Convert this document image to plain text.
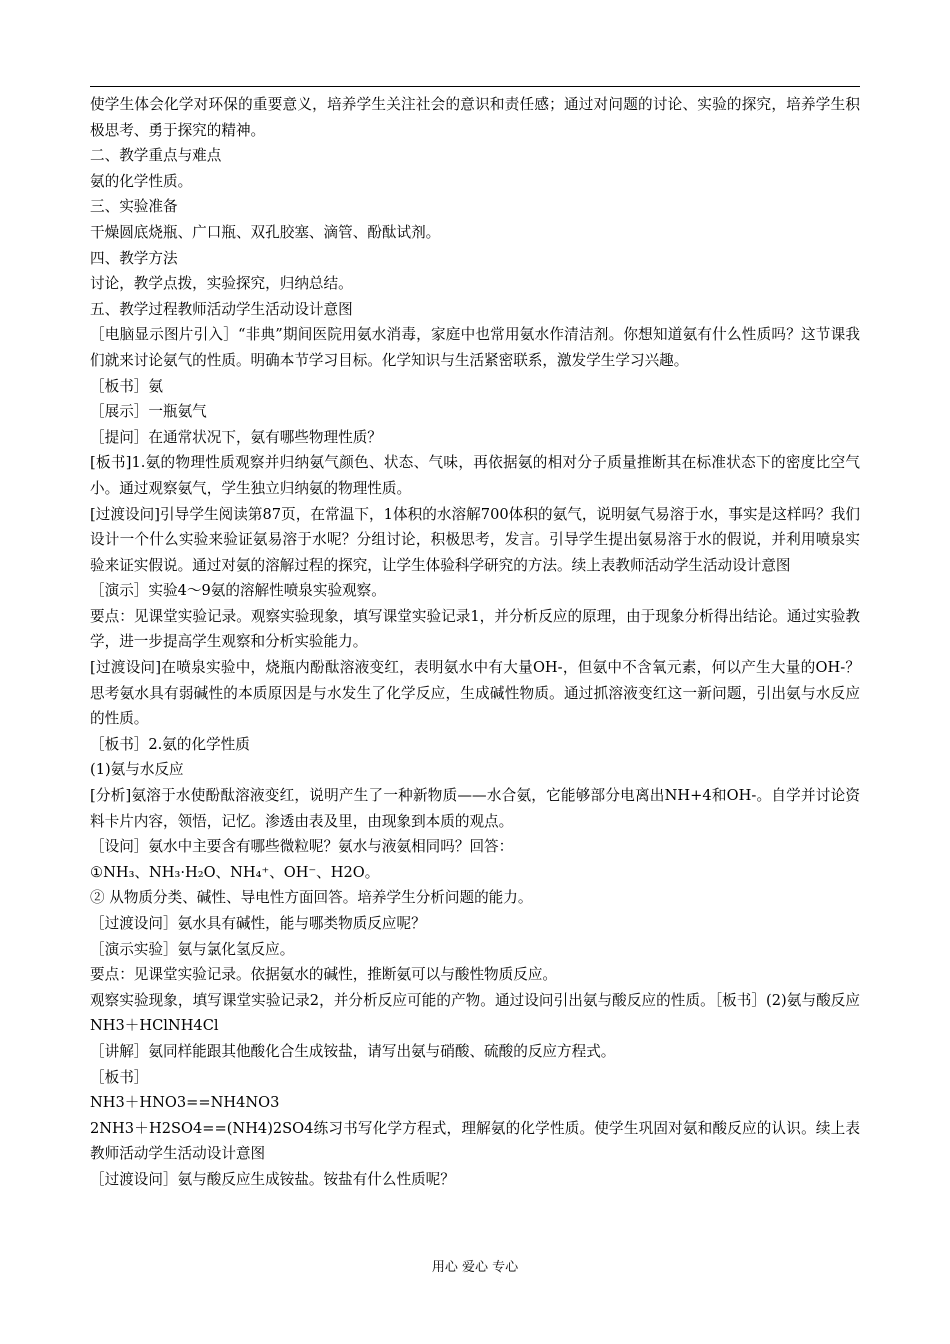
使学生体会化学对环保的重要意义，培养学生关注社会的意识和责任感；通过对问题的讨论、实验的探究，培养学生积极思考、勇于探究的精神。

二、教学重点与难点

氨的化学性质。

三、实验准备

干燥圆底烧瓶、广口瓶、双孔胶塞、滴管、酚酞试剂。

四、教学方法

讨论，教学点拨，实验探究，归纳总结。

五、教学过程教师活动学生活动设计意图

［电脑显示图片引入］“非典”期间医院用氨水消毒，家庭中也常用氨水作清洁剂。你想知道氨有什么性质吗？这节课我们就来讨论氨气的性质。明确本节学习目标。化学知识与生活紧密联系，激发学生学习兴趣。

［板书］氨

［展示］一瓶氨气

［提问］在通常状况下，氨有哪些物理性质？

[板书]1.氨的物理性质观察并归纳氨气颜色、状态、气味，再依据氨的相对分子质量推断其在标准状态下的密度比空气小。通过观察氨气，学生独立归纳氨的物理性质。

[过渡设问]引导学生阅读第87页，在常温下，1体积的水溶解700体积的氨气，说明氨气易溶于水，事实是这样吗？我们设计一个什么实验来验证氨易溶于水呢？分组讨论，积极思考，发言。引导学生提出氨易溶于水的假说，并利用喷泉实验来证实假说。通过对氨的溶解过程的探究，让学生体验科学研究的方法。续上表教师活动学生活动设计意图

［演示］实验4～9氨的溶解性喷泉实验观察。

要点：见课堂实验记录。观察实验现象，填写课堂实验记录1，并分析反应的原理，由于现象分析得出结论。通过实验教学，进一步提高学生观察和分析实验能力。

[过渡设问]在喷泉实验中，烧瓶内酚酞溶液变红，表明氨水中有大量OH-，但氨中不含氧元素，何以产生大量的OH-？思考氨水具有弱碱性的本质原因是与水发生了化学反应，生成碱性物质。通过抓溶液变红这一新问题，引出氨与水反应的性质。

［板书］2.氨的化学性质

(1)氨与水反应

[分析]氨溶于水使酚酞溶液变红，说明产生了一种新物质——水合氨，它能够部分电离出NH+4和OH-。自学并讨论资料卡片内容，领悟，记忆。渗透由表及里，由现象到本质的观点。

［设问］氨水中主要含有哪些微粒呢？氨水与液氨相同吗？回答：

①NH₃、NH₃·H₂O、NH₄⁺、OH⁻、H2O。

② 从物质分类、碱性、导电性方面回答。培养学生分析问题的能力。

［过渡设问］氨水具有碱性，能与哪类物质反应呢？

［演示实验］氨与氯化氢反应。

要点：见课堂实验记录。依据氨水的碱性，推断氨可以与酸性物质反应。

观察实验现象，填写课堂实验记录2，并分析反应可能的产物。通过设问引出氨与酸反应的性质。［板书］(2)氨与酸反应NH3＋HClNH4Cl

［讲解］氨同样能跟其他酸化合生成铵盐，请写出氨与硝酸、硫酸的反应方程式。

［板书］

NH3＋HNO3==NH4NO3

2NH3＋H2SO4==(NH4)2SO4练习书写化学方程式，理解氨的化学性质。使学生巩固对氨和酸反应的认识。续上表教师活动学生活动设计意图

［过渡设问］氨与酸反应生成铵盐。铵盐有什么性质呢？

用心 爱心 专心
